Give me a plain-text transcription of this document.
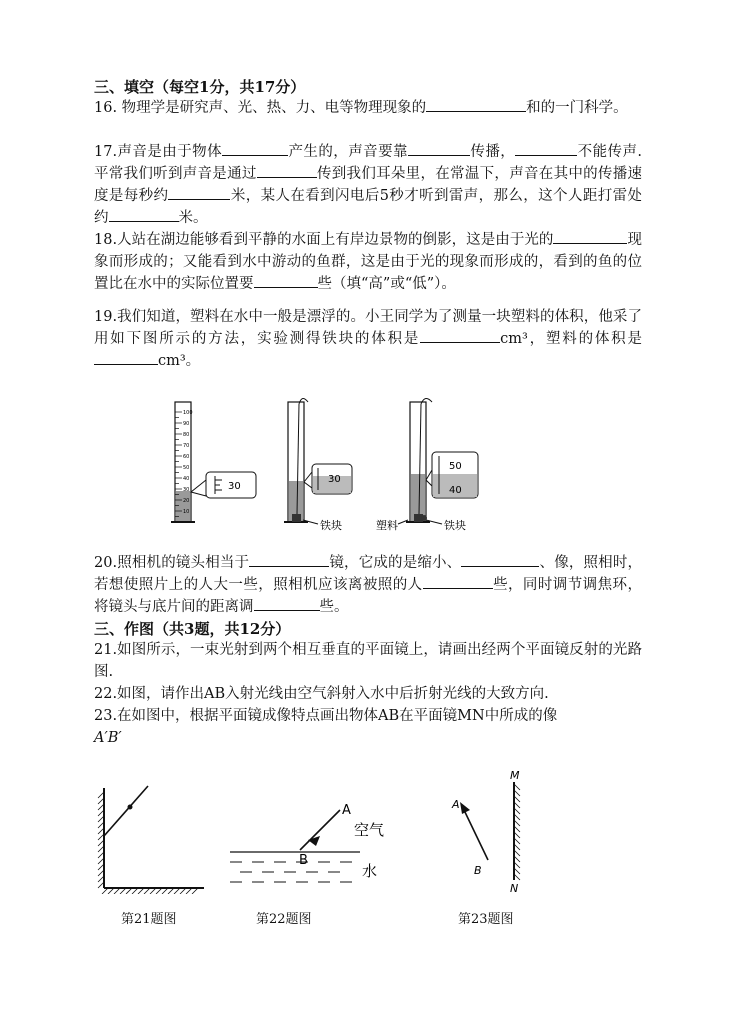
三、填空（每空1分，共17分）
16. 物理学是研究声、光、热、力、电等物理现象的	和的一门科学。
17.声音是由于物体	产生的，声音要靠	传播，	不能传声. 平常我们听到声音是通过	传到我们耳朵里，在常温下，声音在其中的传播速度是每秒约	米，某人在看到闪电后5秒才听到雷声，那么，这个人距打雷处约	米。
18.人站在湖边能够看到平静的水面上有岸边景物的倒影，这是由于光的	现象而形成的；又能看到水中游动的鱼群，这是由于光的现象而形成的，看到的鱼的位置比在水中的实际位置要	些（填“高”或“低”）。
19.我们知道，塑料在水中一般是漂浮的。小王同学为了测量一块塑料的体积，他采了用如下图所示的方法，实验测得铁块的体积是	cm³，塑料的体积是cm³。
100
90
80
70
60
50
40
30
20
10
30
铁块
30
塑料	铁块
50
40
20.照相机的镜头相当于	镜，它成的是缩小、	、像，照相时，若想使照片上的人大一些，照相机应该离被照的人	些，同时调节调焦环，将镜头与底片间的距离调	些。
三、作图（共3题，共12分）
21.如图所示，一束光射到两个相互垂直的平面镜上，请画出经两个平面镜反射的光路图.
22.如图，请作出AB入射光线由空气斜射入水中后折射光线的大致方向.
23.在如图中，根据平面镜成像特点画出物体AB在平面镜MN中所成的像
A′B′
A
B
空气
水
M
N
A
B
第21题图	第22题图	第23题图
